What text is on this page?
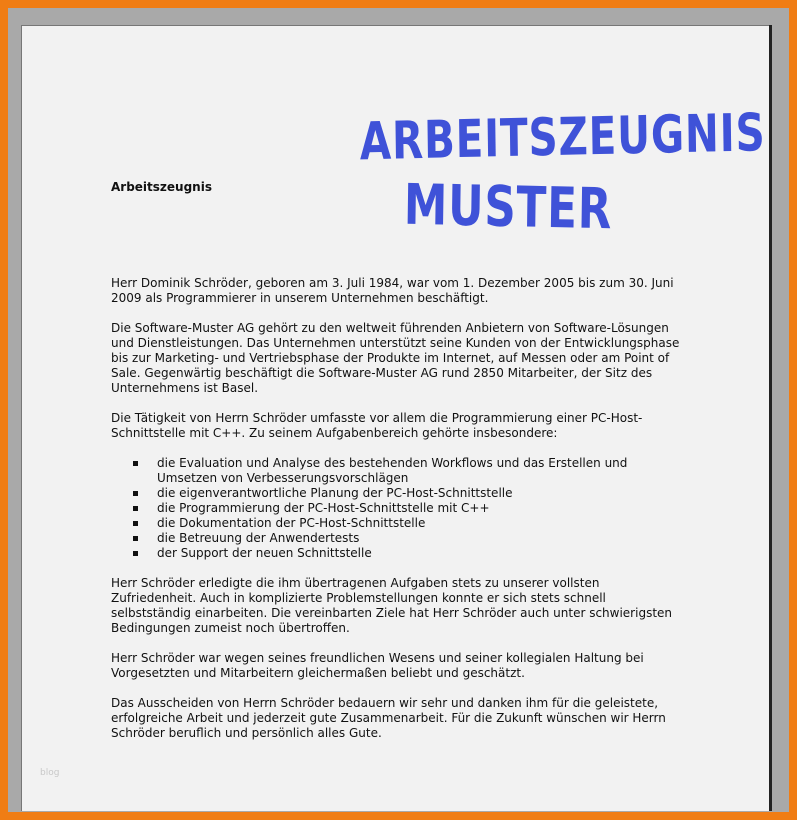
ARBEITSZEUGNIS
MUSTER
Arbeitszeugnis

Herr Dominik Schröder, geboren am 3. Juli 1984, war vom 1. Dezember 2005 bis zum 30. Juni 2009 als Programmierer in unserem Unternehmen beschäftigt.

Die Software-Muster AG gehört zu den weltweit führenden Anbietern von Software-Lösungen und Dienstleistungen. Das Unternehmen unterstützt seine Kunden von der Entwicklungsphase bis zur Marketing- und Vertriebsphase der Produkte im Internet, auf Messen oder am Point of Sale. Gegenwärtig beschäftigt die Software-Muster AG rund 2850 Mitarbeiter, der Sitz des Unternehmens ist Basel.

Die Tätigkeit von Herrn Schröder umfasste vor allem die Programmierung einer PC-Host-Schnittstelle mit C++. Zu seinem Aufgabenbereich gehörte insbesondere:

die Evaluation und Analyse des bestehenden Workflows und das Erstellen und Umsetzen von Verbesserungsvorschlägen
die eigenverantwortliche Planung der PC-Host-Schnittstelle
die Programmierung der PC-Host-Schnittstelle mit C++
die Dokumentation der PC-Host-Schnittstelle
die Betreuung der Anwendertests
der Support der neuen Schnittstelle

Herr Schröder erledigte die ihm übertragenen Aufgaben stets zu unserer vollsten Zufriedenheit. Auch in komplizierte Problemstellungen konnte er sich stets schnell selbstständig einarbeiten. Die vereinbarten Ziele hat Herr Schröder auch unter schwierigsten Bedingungen zumeist noch übertroffen.

Herr Schröder war wegen seines freundlichen Wesens und seiner kollegialen Haltung bei Vorgesetzten und Mitarbeitern gleichermaßen beliebt und geschätzt.

Das Ausscheiden von Herrn Schröder bedauern wir sehr und danken ihm für die geleistete, erfolgreiche Arbeit und jederzeit gute Zusammenarbeit. Für die Zukunft wünschen wir Herrn Schröder beruflich und persönlich alles Gute.

blog
